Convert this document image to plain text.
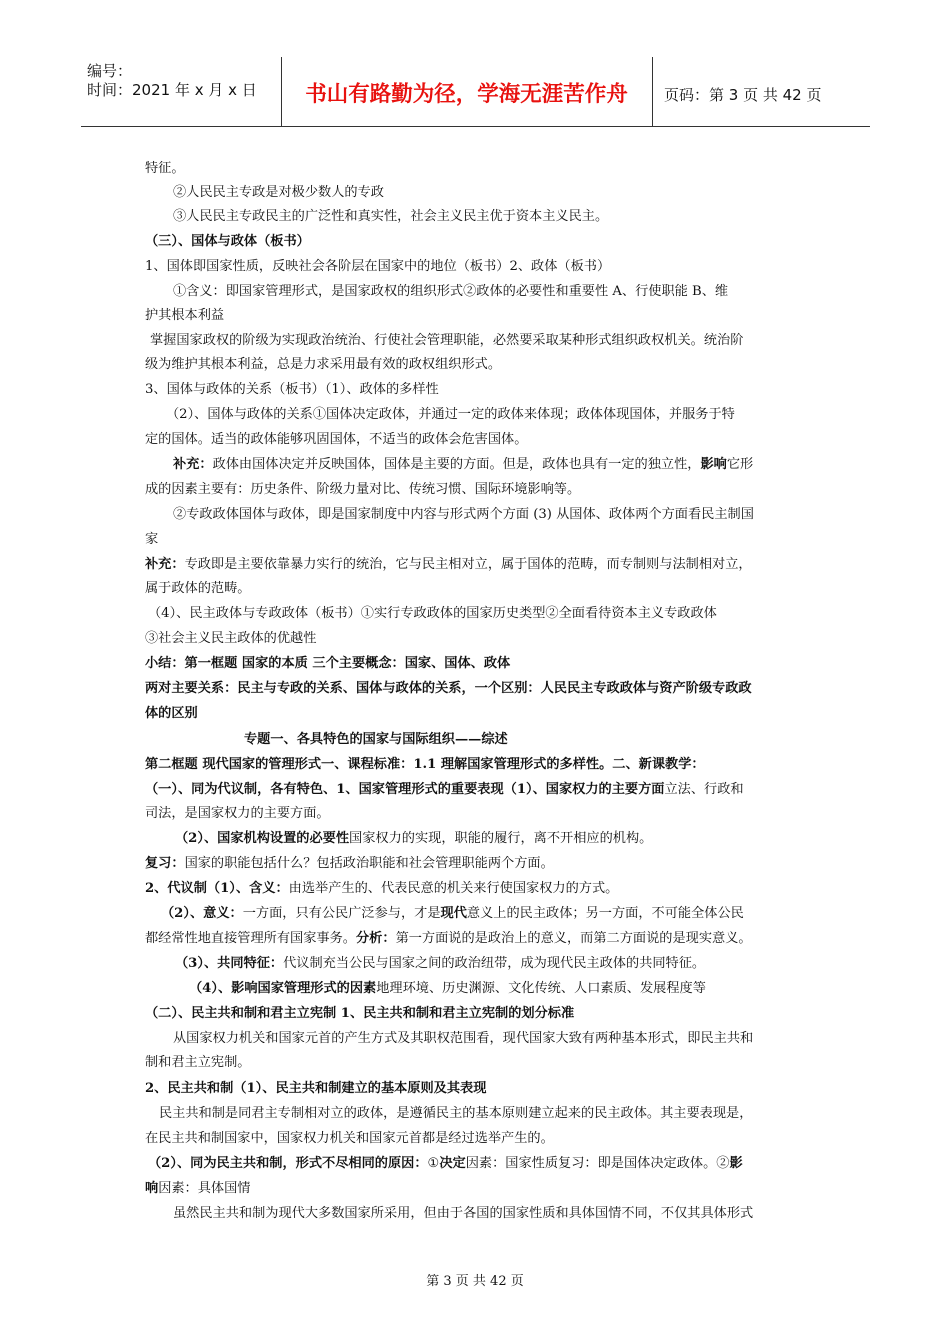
编号：
时间：2021 年 x 月 x 日	书山有路勤为径，学海无涯苦作舟	页码：第 3 页 共 42 页
特征。
②人民民主专政是对极少数人的专政
③人民民主专政民主的广泛性和真实性，社会主义民主优于资本主义民主。
（三）、国体与政体（板书）
1、国体即国家性质，反映社会各阶层在国家中的地位（板书）2、政体（板书）
①含义：即国家管理形式，是国家政权的组织形式②政体的必要性和重要性 A、行使职能 B、维
护其根本利益
掌握国家政权的阶级为实现政治统治、行使社会管理职能，必然要采取某种形式组织政权机关。统治阶
级为维护其根本利益，总是力求采用最有效的政权组织形式。
3、国体与政体的关系（板书）（1）、政体的多样性
（2）、国体与政体的关系①国体决定政体，并通过一定的政体来体现；政体体现国体，并服务于特
定的国体。适当的政体能够巩固国体，不适当的政体会危害国体。
补充：政体由国体决定并反映国体，国体是主要的方面。但是，政体也具有一定的独立性，影响它形
成的因素主要有：历史条件、阶级力量对比、传统习惯、国际环境影响等。
②专政政体国体与政体，即是国家制度中内容与形式两个方面 (3) 从国体、政体两个方面看民主制国
家
补充：专政即是主要依靠暴力实行的统治，它与民主相对立，属于国体的范畴，而专制则与法制相对立，
属于政体的范畴。
（4）、民主政体与专政政体（板书）①实行专政政体的国家历史类型②全面看待资本主义专政政体
③社会主义民主政体的优越性
小结：第一框题 国家的本质 三个主要概念：国家、国体、政体
两对主要关系：民主与专政的关系、国体与政体的关系，一个区别：人民民主专政政体与资产阶级专政政
体的区别
专题一、各具特色的国家与国际组织——综述
第二框题 现代国家的管理形式一、课程标准：1.1 理解国家管理形式的多样性。二、新课教学：
（一）、同为代议制，各有特色、1、国家管理形式的重要表现（1）、国家权力的主要方面立法、行政和
司法，是国家权力的主要方面。
（2）、国家机构设置的必要性国家权力的实现，职能的履行，离不开相应的机构。
复习：国家的职能包括什么？包括政治职能和社会管理职能两个方面。
2、代议制（1）、含义：由选举产生的、代表民意的机关来行使国家权力的方式。
（2）、意义：一方面，只有公民广泛参与，才是现代意义上的民主政体；另一方面，不可能全体公民
都经常性地直接管理所有国家事务。分析：第一方面说的是政治上的意义，而第二方面说的是现实意义。
（3）、共同特征：代议制充当公民与国家之间的政治纽带，成为现代民主政体的共同特征。
（4）、影响国家管理形式的因素地理环境、历史渊源、文化传统、人口素质、发展程度等
（二）、民主共和制和君主立宪制 1、民主共和制和君主立宪制的划分标准
从国家权力机关和国家元首的产生方式及其职权范围看，现代国家大致有两种基本形式，即民主共和
制和君主立宪制。
2、民主共和制（1）、民主共和制建立的基本原则及其表现
民主共和制是同君主专制相对立的政体，是遵循民主的基本原则建立起来的民主政体。其主要表现是，
在民主共和制国家中，国家权力机关和国家元首都是经过选举产生的。
（2）、同为民主共和制，形式不尽相同的原因：①决定因素：国家性质复习：即是国体决定政体。②影
响因素：具体国情
虽然民主共和制为现代大多数国家所采用，但由于各国的国家性质和具体国情不同，不仅其具体形式
第 3 页 共 42 页
